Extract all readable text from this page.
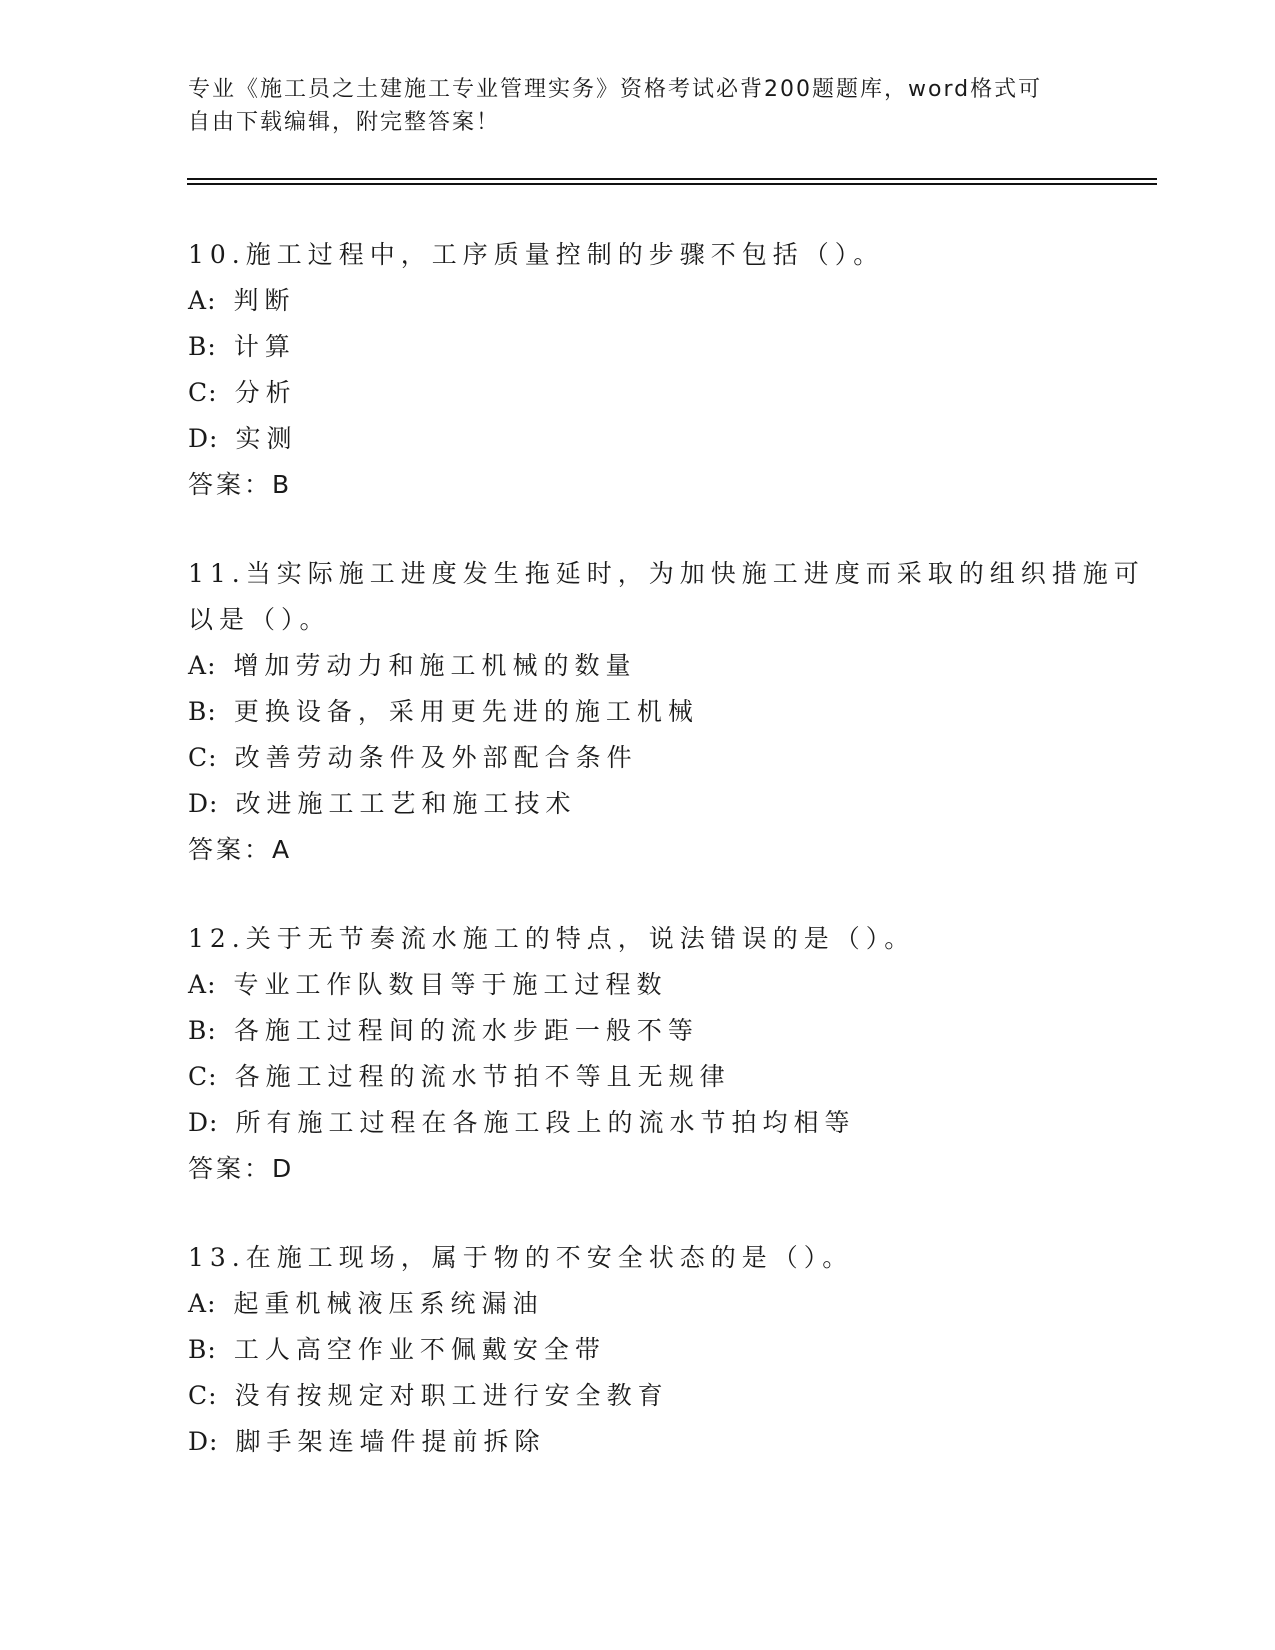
专业《施工员之土建施工专业管理实务》资格考试必背200题题库，word格式可
自由下载编辑，附完整答案！
10.施工过程中，工序质量控制的步骤不包括（）。
A: 判断
B: 计算
C: 分析
D: 实测
答案：B
11.当实际施工进度发生拖延时，为加快施工进度而采取的组织措施可
以是（）。
A: 增加劳动力和施工机械的数量
B: 更换设备，采用更先进的施工机械
C: 改善劳动条件及外部配合条件
D: 改进施工工艺和施工技术
答案：A
12.关于无节奏流水施工的特点，说法错误的是（）。
A: 专业工作队数目等于施工过程数
B: 各施工过程间的流水步距一般不等
C: 各施工过程的流水节拍不等且无规律
D: 所有施工过程在各施工段上的流水节拍均相等
答案：D
13.在施工现场，属于物的不安全状态的是（）。
A: 起重机械液压系统漏油
B: 工人高空作业不佩戴安全带
C: 没有按规定对职工进行安全教育
D: 脚手架连墙件提前拆除
